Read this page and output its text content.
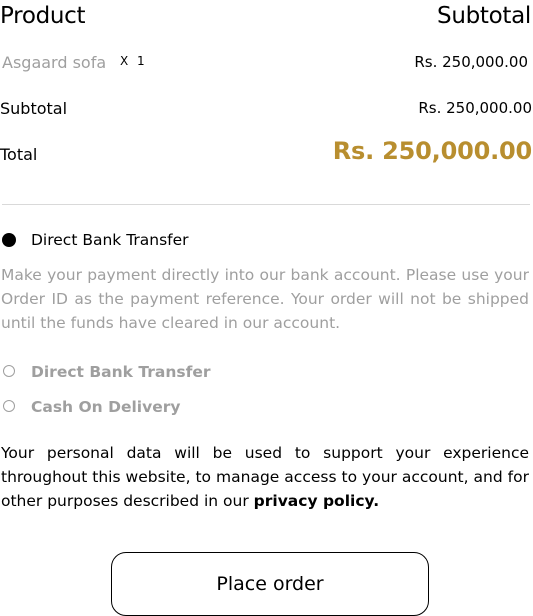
Product	Subtotal
Asgaard sofa X 1	Rs. 250,000.00
Subtotal	Rs. 250,000.00
Total	Rs. 250,000.00
Direct Bank Transfer
Make your payment directly into our bank account. Please use your Order ID as the payment reference. Your order will not be shipped until the funds have cleared in our account.
Direct Bank Transfer
Cash On Delivery
Your personal data will be used to support your experience throughout this website, to manage access to your account, and for other purposes described in our privacy policy.
Place order
